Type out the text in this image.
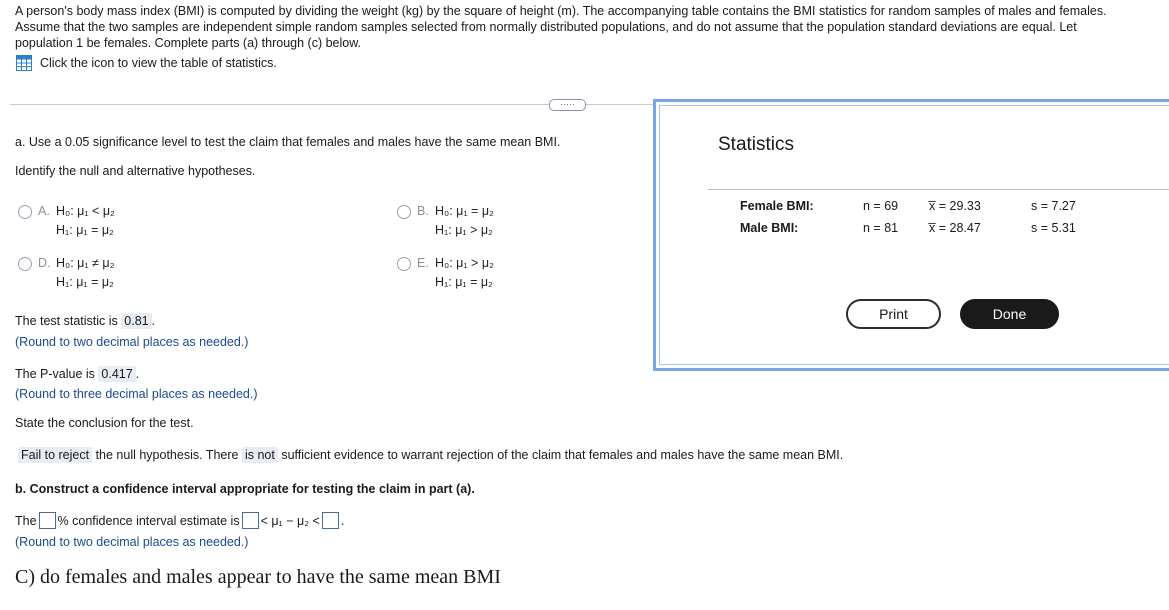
A person's body mass index (BMI) is computed by dividing the weight (kg) by the square of height (m). The accompanying table contains the BMI statistics for random samples of males and females.
Assume that the two samples are independent simple random samples selected from normally distributed populations, and do not assume that the population standard deviations are equal. Let
population 1 be females. Complete parts (a) through (c) below.
Click the icon to view the table of statistics.
·····
a. Use a 0.05 significance level to test the claim that females and males have the same mean BMI.
Identify the null and alternative hypotheses.
A. H₀: μ₁ < μ₂
H₁: μ₁ = μ₂
B. H₀: μ₁ = μ₂
H₁: μ₁ > μ₂
D. H₀: μ₁ ≠ μ₂
H₁: μ₁ = μ₂
E. H₀: μ₁ > μ₂
H₁: μ₁ = μ₂
The test statistic is 0.81 .
(Round to two decimal places as needed.)
The P-value is 0.417 .
(Round to three decimal places as needed.)
State the conclusion for the test.
Fail to reject the null hypothesis. There is not sufficient evidence to warrant rejection of the claim that females and males have the same mean BMI.
b. Construct a confidence interval appropriate for testing the claim in part (a).
The % confidence interval estimate is < μ₁ − μ₂ < .
(Round to two decimal places as needed.)
C) do females and males appear to have the same mean BMI
Statistics
Female BMI:	n = 69 x̅ = 29.33	s = 7.27
Male BMI:	n = 81 x̅ = 28.47	s = 5.31
Print	Done
